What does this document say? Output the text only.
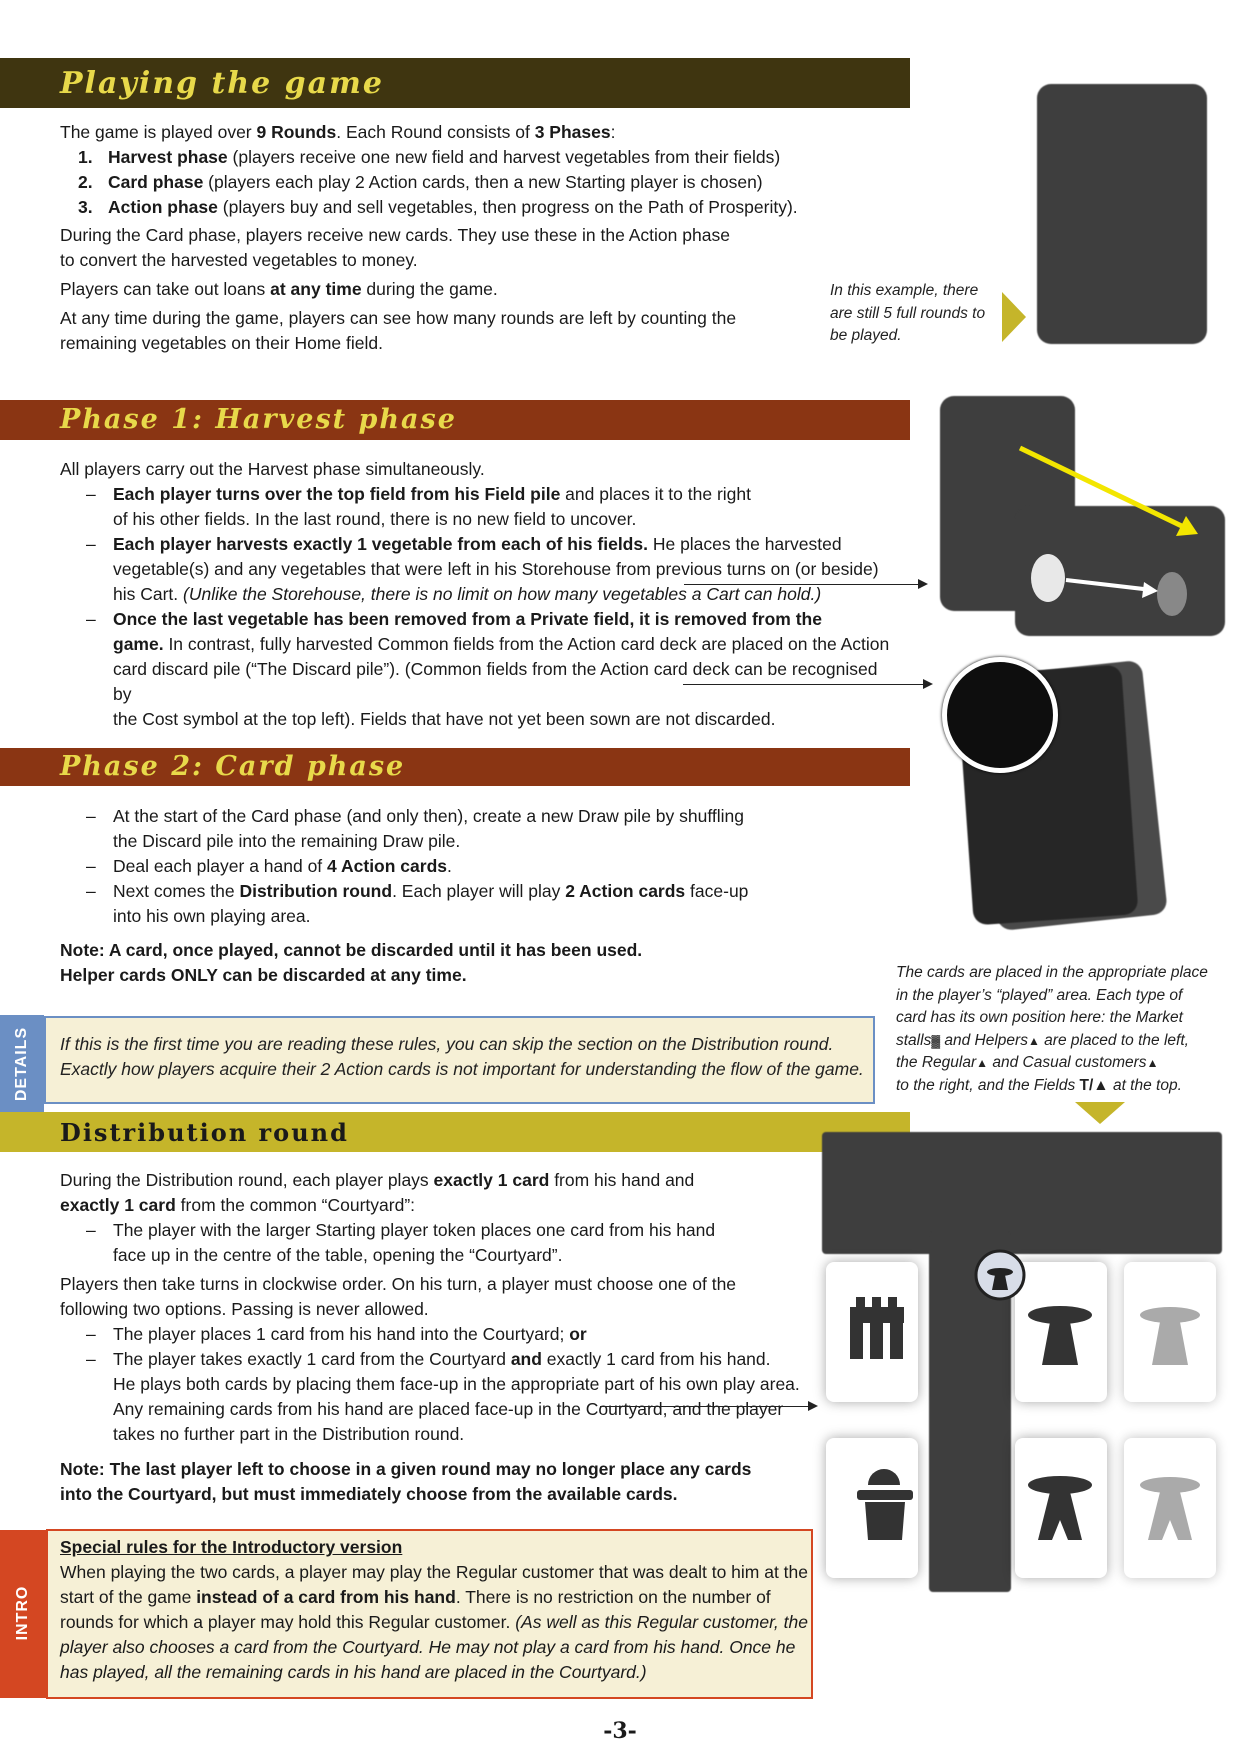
Playing the game

The game is played over 9 Rounds. Each Round consists of 3 Phases:

1. Harvest phase (players receive one new field and harvest vegetables from their fields)
2. Card phase (players each play 2 Action cards, then a new Starting player is chosen)
3. Action phase (players buy and sell vegetables, then progress on the Path of Prosperity).

During the Card phase, players receive new cards. They use these in the Action phase

to convert the harvested vegetables to money.

Players can take out loans at any time during the game.

At any time during the game, players can see how many rounds are left by counting the

remaining vegetables on their Home field.

In this example, there
are still 5 full rounds to
be played.
Phase 1: Harvest phase

All players carry out the Harvest phase simultaneously.

– Each player turns over the top field from his Field pile and places it to the right
of his other fields. In the last round, there is no new field to uncover.
– Each player harvests exactly 1 vegetable from each of his fields. He places the harvested
vegetable(s) and any vegetables that were left in his Storehouse from previous turns on (or beside)
his Cart. (Unlike the Storehouse, there is no limit on how many vegetables a Cart can hold.)
– Once the last vegetable has been removed from a Private field, it is removed from the
game. In contrast, fully harvested Common fields from the Action card deck are placed on the Action
card discard pile (“The Discard pile”). (Common fields from the Action card deck can be recognised by
the Cost symbol at the top left). Fields that have not yet been sown are not discarded.
Phase 2: Card phase
– At the start of the Card phase (and only then), create a new Draw pile by shuffling
the Discard pile into the remaining Draw pile.
– Deal each player a hand of 4 Action cards.
– Next comes the Distribution round. Each player will play 2 Action cards face-up
into his own playing area.

Note: A card, once played, cannot be discarded until it has been used.

Helper cards ONLY can be discarded at any time.	The cards are placed in the appropriate place
in the player’s “played” area. Each type of
card has its own position here: the Market
stalls▓ and Helpers▲ are placed to the left,
the Regular▲ and Casual customers▲
to the right, and the Fields T/▲ at the top.
DETAILS If this is the first time you are reading these rules, you can skip the section on the Distribution round.
Exactly how players acquire their 2 Action cards is not important for understanding the flow of the game.
Distribution round

During the Distribution round, each player plays exactly 1 card from his hand and
exactly 1 card from the common “Courtyard”:

– The player with the larger Starting player token places one card from his hand
face up in the centre of the table, opening the “Courtyard”.

Players then take turns in clockwise order. On his turn, a player must choose one of the

following two options. Passing is never allowed.

– The player places 1 card from his hand into the Courtyard; or
– The player takes exactly 1 card from the Courtyard and exactly 1 card from his hand.
He plays both cards by placing them face-up in the appropriate part of his own play area.
Any remaining cards from his hand are placed face-up in the Courtyard, and the player
takes no further part in the Distribution round.

Note: The last player left to choose in a given round may no longer place any cards

into the Courtyard, but must immediately choose from the available cards.

INTRO

Special rules for the Introductory version

When playing the two cards, a player may play the Regular customer that was dealt to him at the

start of the game instead of a card from his hand. There is no restriction on the number of

rounds for which a player may hold this Regular customer. (As well as this Regular customer, the

player also chooses a card from the Courtyard. He may not play a card from his hand. Once he

has played, all the remaining cards in his hand are placed in the Courtyard.)

-3-
